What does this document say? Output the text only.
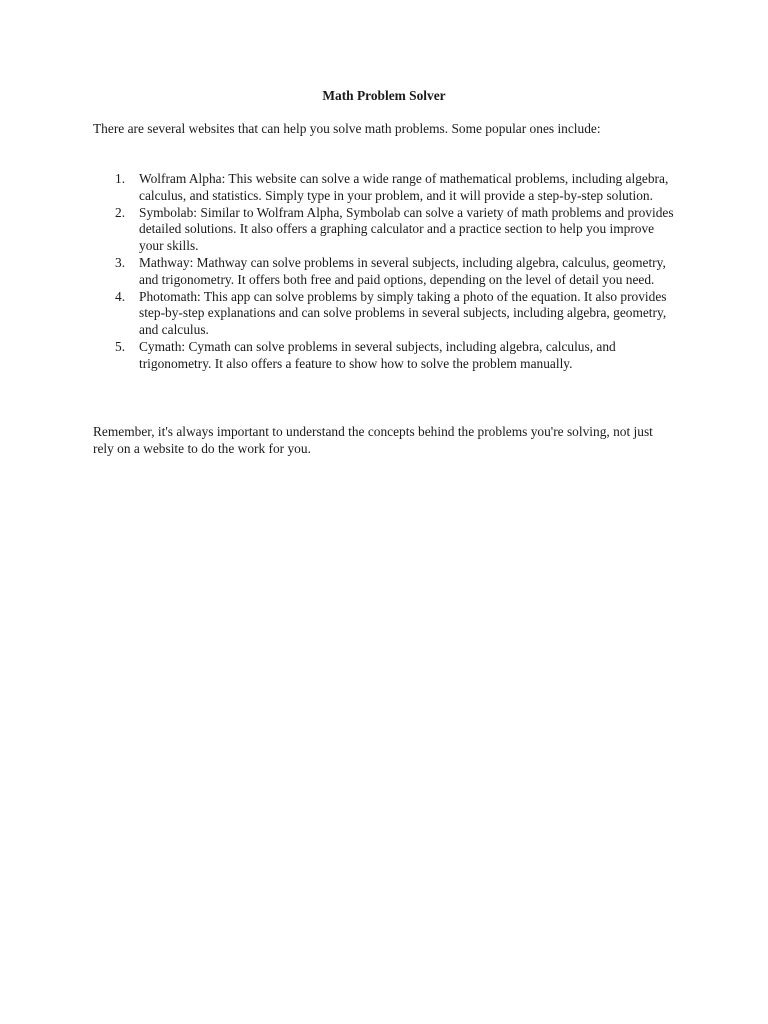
Math Problem Solver

There are several websites that can help you solve math problems. Some popular ones include:

1. Wolfram Alpha: This website can solve a wide range of mathematical problems, including algebra, calculus, and statistics. Simply type in your problem, and it will provide a step-by-step solution.
2. Symbolab: Similar to Wolfram Alpha, Symbolab can solve a variety of math problems and provides detailed solutions. It also offers a graphing calculator and a practice section to help you improve your skills.
3. Mathway: Mathway can solve problems in several subjects, including algebra, calculus, geometry, and trigonometry. It offers both free and paid options, depending on the level of detail you need.
4. Photomath: This app can solve problems by simply taking a photo of the equation. It also provides step-by-step explanations and can solve problems in several subjects, including algebra, geometry, and calculus.
5. Cymath: Cymath can solve problems in several subjects, including algebra, calculus, and trigonometry. It also offers a feature to show how to solve the problem manually.

Remember, it's always important to understand the concepts behind the problems you're solving, not just rely on a website to do the work for you.
